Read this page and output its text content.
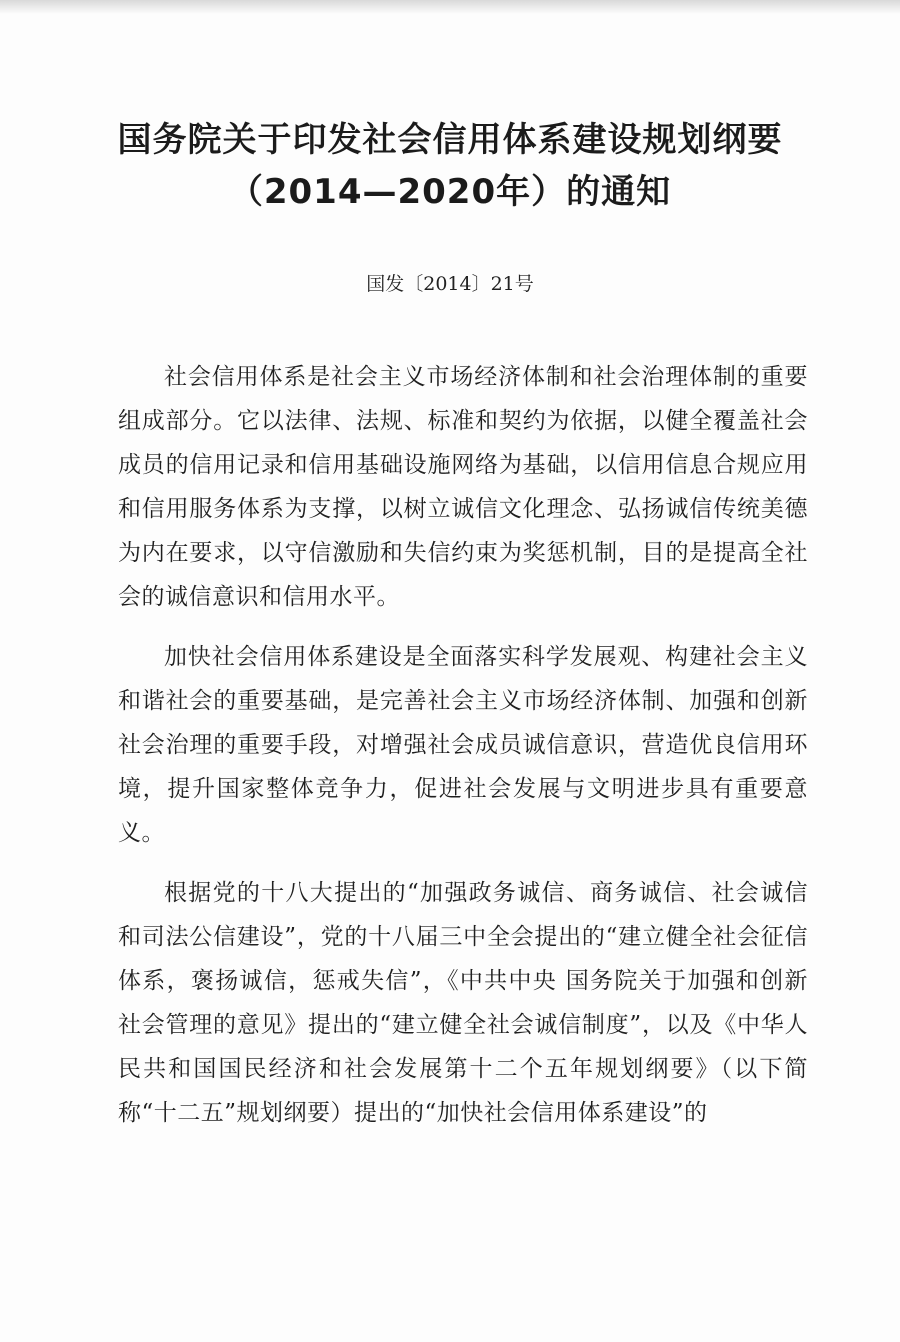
国务院关于印发社会信用体系建设规划纲要
（2014—2020年）的通知
国发〔2014〕21号

社会信用体系是社会主义市场经济体制和社会治理体制的重要组成部分。它以法律、法规、标准和契约为依据，以健全覆盖社会成员的信用记录和信用基础设施网络为基础，以信用信息合规应用和信用服务体系为支撑，以树立诚信文化理念、弘扬诚信传统美德为内在要求，以守信激励和失信约束为奖惩机制，目的是提高全社会的诚信意识和信用水平。

加快社会信用体系建设是全面落实科学发展观、构建社会主义和谐社会的重要基础，是完善社会主义市场经济体制、加强和创新社会治理的重要手段，对增强社会成员诚信意识，营造优良信用环境，提升国家整体竞争力，促进社会发展与文明进步具有重要意义。

根据党的十八大提出的“加强政务诚信、商务诚信、社会诚信和司法公信建设”，党的十八届三中全会提出的“建立健全社会征信体系，褒扬诚信，惩戒失信”，《中共中央 国务院关于加强和创新社会管理的意见》提出的“建立健全社会诚信制度”，以及《中华人民共和国国民经济和社会发展第十二个五年规划纲要》（以下简称“十二五”规划纲要）提出的“加快社会信用体系建设”的
